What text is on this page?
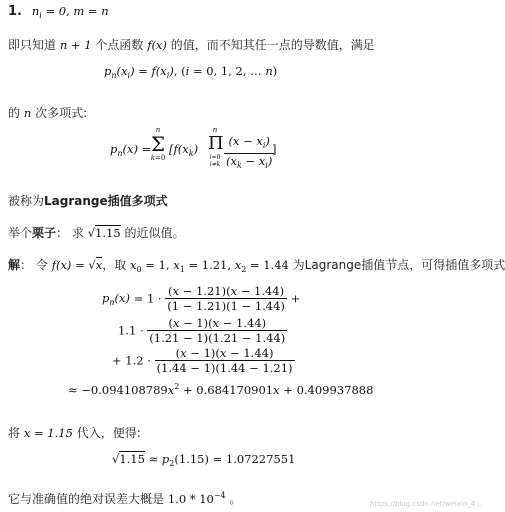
1. $n_i = 0$, m = n
即只知道 n + 1 个点函数 f(x) 的值，而不知其任一点的导数值，满足
$p_n(x_i) = f(x_i)$, (i = 0, 1, 2, … n)
的 n 次多项式:
$p_n(x)$ =
n
Σ
k=0
[$f(x_k)$
n
Π
i=0
$i\ne k \frac{(x - x_i)}{(x_k - x_i)}$
]
被称为Lagrange插值多项式
举个栗子： 求 √1.15 的近似值。
解： 令 f(x) = √x，取 $x_0 = 1$, $x_1 = 1.21$, $x_2 = 1.44$ 为Lagrange插值节点，可得插值多项式
$p_n(x) = 1 \cdot \frac{(x - 1.21)(x - 1.44)}{(1 - 1.21)(1 - 1.44)}$ +
$1.1 \cdot \frac{(x - 1)(x - 1.44)}{(1.21 - 1)(1.21 - 1.44)}$
+ $1.2 \cdot \frac{(x - 1)(x - 1.44)}{(1.44 - 1)(1.44 - 1.21)}$
≈ $-0.094108789x^2 + 0.684170901x + 0.409937888$
将 x = 1.15 代入，便得:
$√1.15 \approx p_2(1.15) = 1.07227551$
它与准确值的绝对误差大概是 $1.0 * 10^{-4}$ 。	https://blog.csdn.net/weixin_4...
